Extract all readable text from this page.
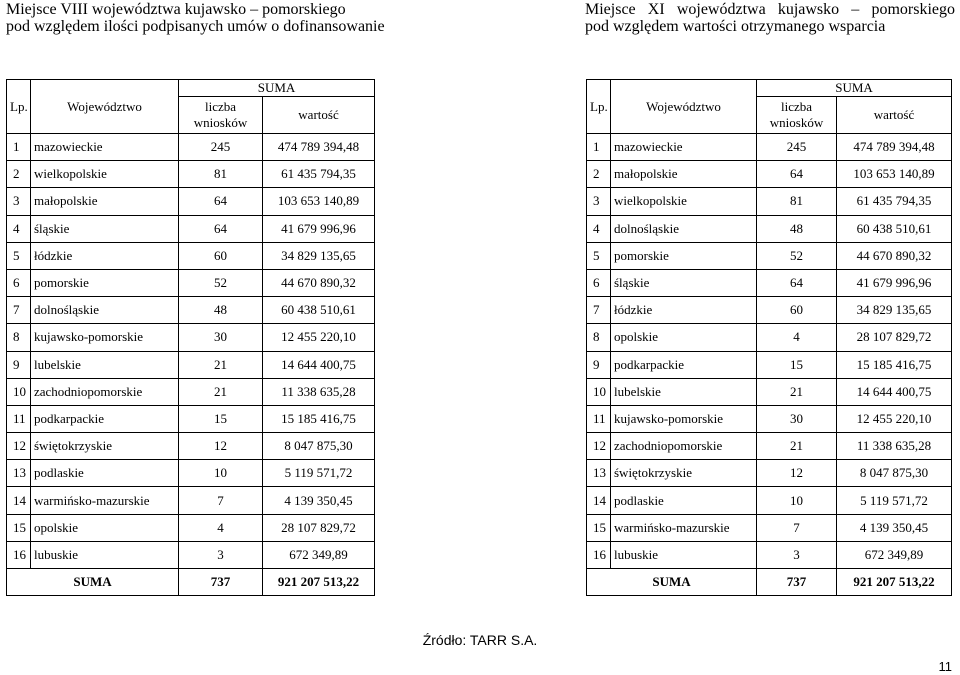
Miejsce VIII województwa kujawsko – pomorskiego
pod względem ilości podpisanych umów o dofinansowanie
Miejsce XI województwa kujawsko – pomorskiego
pod względem wartości otrzymanego wsparcia
Lp.	Województwo	SUMA	
		liczba wniosków	wartość
1	mazowieckie	245	474 789 394,48
2	wielkopolskie	81	61 435 794,35
3	małopolskie	64	103 653 140,89
4	śląskie	64	41 679 996,96
5	łódzkie	60	34 829 135,65
6	pomorskie	52	44 670 890,32
7	dolnośląskie	48	60 438 510,61
8	kujawsko-pomorskie	30	12 455 220,10
9	lubelskie	21	14 644 400,75
10	zachodniopomorskie	21	11 338 635,28
11	podkarpackie	15	15 185 416,75
12	świętokrzyskie	12	8 047 875,30
13	podlaskie	10	5 119 571,72
14	warmińsko-mazurskie	7	4 139 350,45
15	opolskie	4	28 107 829,72
16	lubuskie	3	672 349,89
SUMA		737	921 207 513,22
Lp.	Województwo	SUMA	
		liczba wniosków	wartość
1	mazowieckie	245	474 789 394,48
2	małopolskie	64	103 653 140,89
3	wielkopolskie	81	61 435 794,35
4	dolnośląskie	48	60 438 510,61
5	pomorskie	52	44 670 890,32
6	śląskie	64	41 679 996,96
7	łódzkie	60	34 829 135,65
8	opolskie	4	28 107 829,72
9	podkarpackie	15	15 185 416,75
10	lubelskie	21	14 644 400,75
11	kujawsko-pomorskie	30	12 455 220,10
12	zachodniopomorskie	21	11 338 635,28
13	świętokrzyskie	12	8 047 875,30
14	podlaskie	10	5 119 571,72
15	warmińsko-mazurskie	7	4 139 350,45
16	lubuskie	3	672 349,89
SUMA		737	921 207 513,22
Źródło: TARR S.A.
11
